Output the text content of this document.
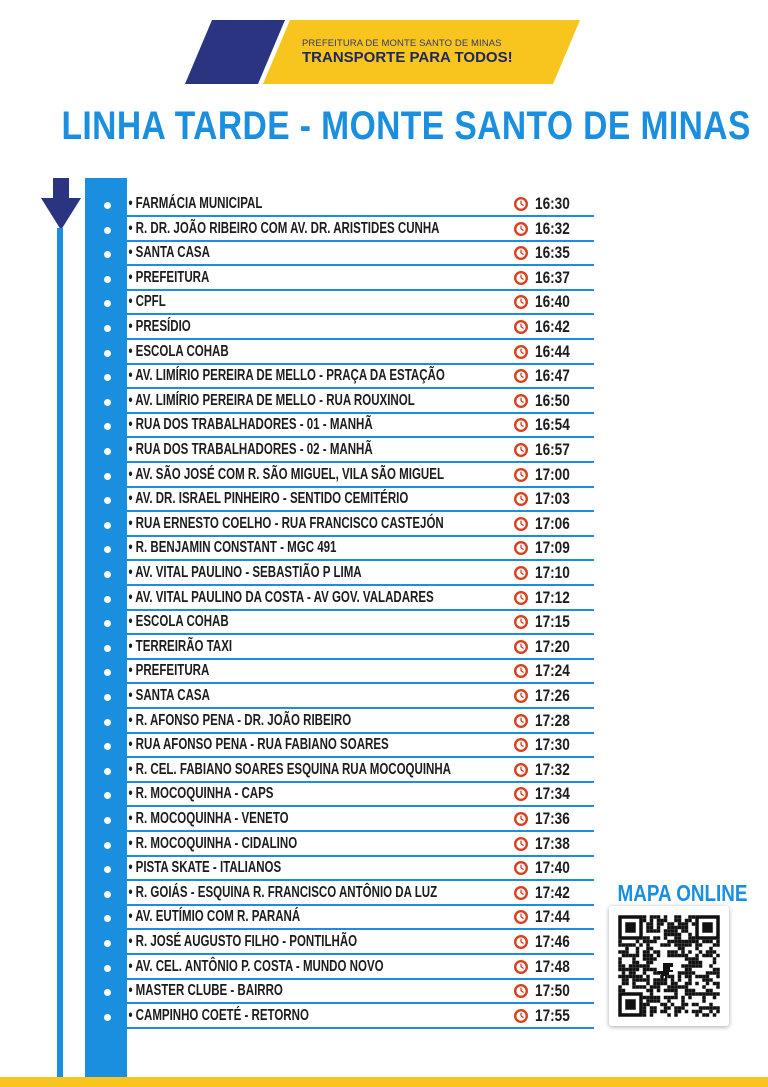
PREFEITURA DE MONTE SANTO DE MINAS
TRANSPORTE PARA TODOS!
LINHA TARDE - MONTE SANTO DE MINAS
• FARMÁCIA MUNICIPAL	16:30
• R. DR. JOÃO RIBEIRO COM AV. DR. ARISTIDES CUNHA	16:32
• SANTA CASA	16:35
• PREFEITURA	16:37
• CPFL	16:40
• PRESÍDIO	16:42
• ESCOLA COHAB	16:44
• AV. LIMÍRIO PEREIRA DE MELLO - PRAÇA DA ESTAÇÃO	16:47
• AV. LIMÍRIO PEREIRA DE MELLO - RUA ROUXINOL	16:50
• RUA DOS TRABALHADORES - 01 - MANHÃ	16:54
• RUA DOS TRABALHADORES - 02 - MANHÃ	16:57
• AV. SÃO JOSÉ COM R. SÃO MIGUEL, VILA SÃO MIGUEL	17:00
• AV. DR. ISRAEL PINHEIRO - SENTIDO CEMITÉRIO	17:03
• RUA ERNESTO COELHO - RUA FRANCISCO CASTEJÓN	17:06
• R. BENJAMIN CONSTANT - MGC 491	17:09
• AV. VITAL PAULINO - SEBASTIÃO P LIMA	17:10
• AV. VITAL PAULINO DA COSTA - AV GOV. VALADARES	17:12
• ESCOLA COHAB	17:15
• TERREIRÃO TAXI	17:20
• PREFEITURA	17:24
• SANTA CASA	17:26
• R. AFONSO PENA - DR. JOÃO RIBEIRO	17:28
• RUA AFONSO PENA - RUA FABIANO SOARES	17:30
• R. CEL. FABIANO SOARES ESQUINA RUA MOCOQUINHA	17:32
• R. MOCOQUINHA - CAPS	17:34
• R. MOCOQUINHA - VENETO	17:36
• R. MOCOQUINHA - CIDALINO	17:38
• PISTA SKATE - ITALIANOS	17:40
• R. GOIÁS - ESQUINA R. FRANCISCO ANTÔNIO DA LUZ	17:42
• AV. EUTÍMIO COM R. PARANÁ	17:44
• R. JOSÉ AUGUSTO FILHO - PONTILHÃO	17:46
• AV. CEL. ANTÔNIO P. COSTA - MUNDO NOVO	17:48
• MASTER CLUBE - BAIRRO	17:50
• CAMPINHO COETÉ - RETORNO	17:55
MAPA ONLINE
